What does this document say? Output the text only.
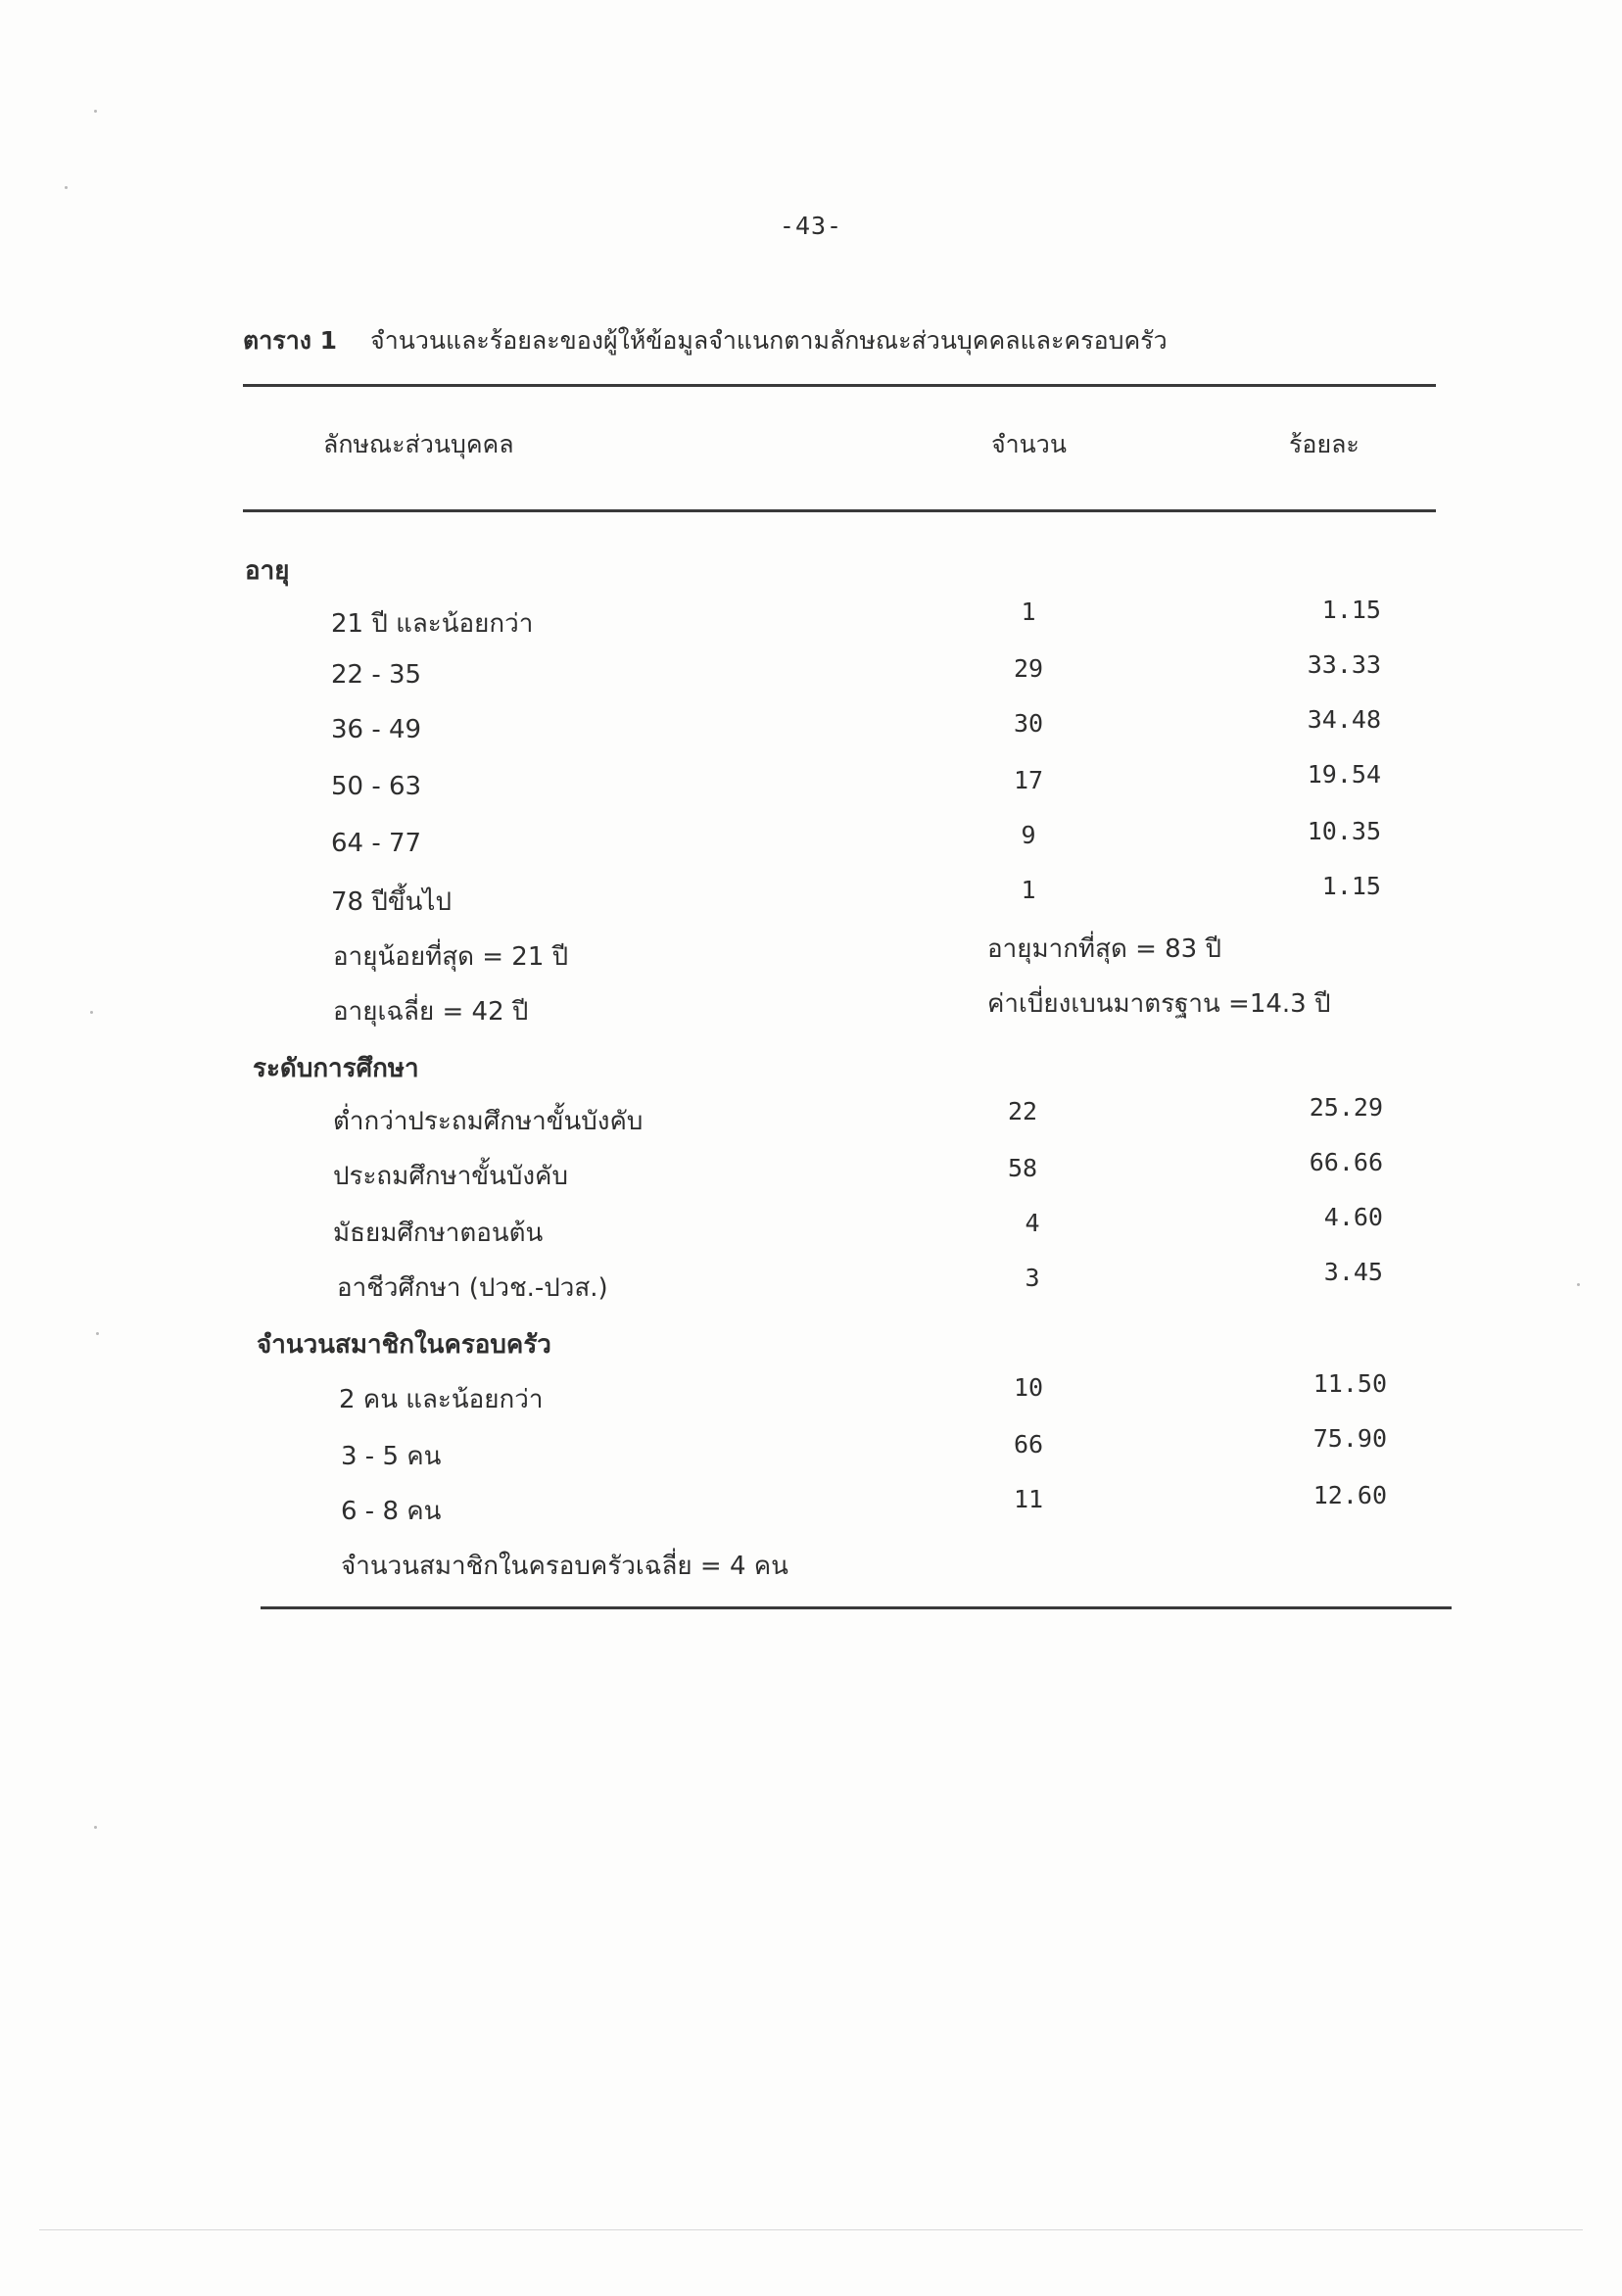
-43-
ตาราง 1 จำนวนและร้อยละของผู้ให้ข้อมูลจำแนกตามลักษณะส่วนบุคคลและครอบครัว
ลักษณะส่วนบุคคล	จำนวน	ร้อยละ
อายุ
21 ปี และน้อยกว่า	1	1.15
22 - 35	29	33.33
36 - 49	30	34.48
50 - 63	17	19.54
64 - 77	9	10.35
78 ปีขึ้นไป	1	1.15
อายุน้อยที่สุด = 21 ปี	อายุมากที่สุด = 83 ปี
อายุเฉลี่ย = 42 ปี	ค่าเบี่ยงเบนมาตรฐาน =14.3 ปี
ระดับการศึกษา
ต่ำกว่าประถมศึกษาขั้นบังคับ	22	25.29
ประถมศึกษาขั้นบังคับ	58	66.66
มัธยมศึกษาตอนต้น	4	4.60
อาชีวศึกษา (ปวช.-ปวส.)	3	3.45
จำนวนสมาชิกในครอบครัว
2 คน และน้อยกว่า	10	11.50
3 - 5 คน	66	75.90
6 - 8 คน	11	12.60
จำนวนสมาชิกในครอบครัวเฉลี่ย = 4 คน
